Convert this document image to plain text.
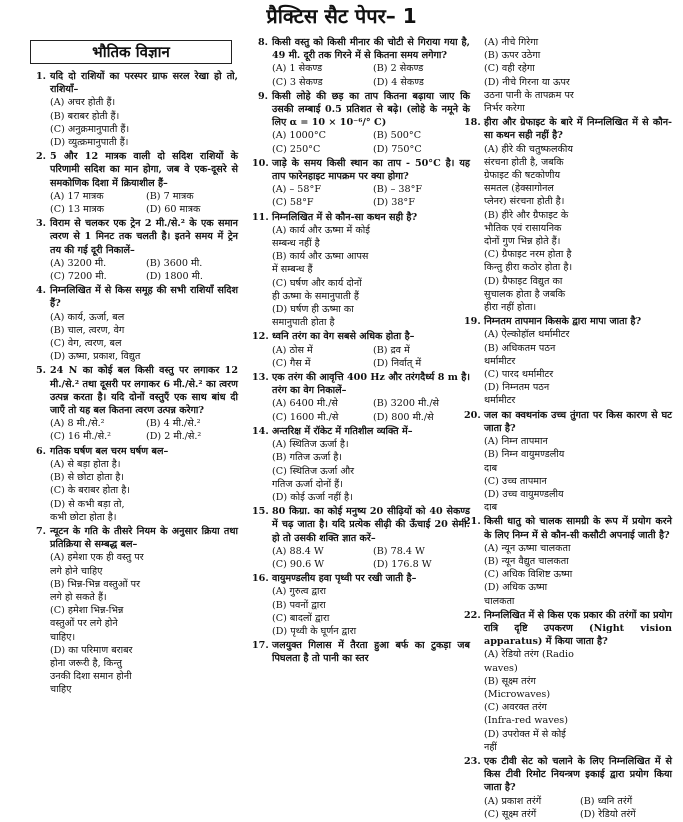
प्रैक्टिस सैट पेपर– 1
भौतिक विज्ञान
1. यदि दो राशियों का परस्पर ग्राफ सरल रेखा हो तो, राशियाँ–
(A) अचर होती हैं।
(B) बराबर होती हैं।
(C) अनुक्रमानुपाती हैं।
(D) व्युत्क्रमानुपाती हैं।
2. 5 और 12 मात्रक वाली दो सदिश राशियों के परिणामी सदिश का मान होगा, जब वे एक-दूसरे से समकोणिक दिशा में क्रियाशील हैं–
(A) 17 मात्रक	(B) 7 मात्रक
(C) 13 मात्रक	(D) 60 मात्रक
3. विराम से चलकर एक ट्रेन 2 मी./से.² के एक समान त्वरण से 1 मिनट तक चलती है। इतने समय में ट्रेन तय की गई दूरी निकालें–
(A) 3200 मी.	(B) 3600 मी.
(C) 7200 मी.	(D) 1800 मी.
4. निम्नलिखित में से किस समूह की सभी राशियाँ सदिश हैं?
(A) कार्य, ऊर्जा, बल
(B) चाल, त्वरण, वेग
(C) वेग, त्वरण, बल
(D) ऊष्मा, प्रकाश, विद्युत
5. 24 N का कोई बल किसी वस्तु पर लगाकर 12 मी./से.² तथा दूसरी पर लगाकर 6 मी./से.² का त्वरण उत्पन्न करता है। यदि दोनों वस्तुएँ एक साथ बांध दी जाएँ तो यह बल कितना त्वरण उत्पन्न करेगा?
(A) 8 मी./से.²	(B) 4 मी./से.²
(C) 16 मी./से.²	(D) 2 मी./से.²
6. गतिक घर्षण बल चरम घर्षण बल–
(A) से बड़ा होता है।
(B) से छोटा होता है।
(C) के बराबर होता है।
(D) से कभी बड़ा तो, कभी छोटा होता है।
7. न्यूटन के गति के तीसरे नियम के अनुसार क्रिया तथा प्रतिक्रिया से सम्बद्ध बल–
(A) हमेशा एक ही वस्तु पर लगे होने चाहिए
(B) भिन्न-भिन्न वस्तुओं पर लगे हो सकते हैं।
(C) हमेशा भिन्न-भिन्न वस्तुओं पर लगे होने चाहिए।
(D) का परिमाण बराबर होना जरूरी है, किन्तु उनकी दिशा समान होनी चाहिए
8. किसी वस्तु को किसी मीनार की चोटी से गिराया गया है, 49 मी. दूरी तक गिरने में से कितना समय लगेगा?
(A) 1 सेकण्ड	(B) 2 सेकण्ड
(C) 3 सेकण्ड	(D) 4 सेकण्ड
9. किसी लोहे की छड़ का ताप कितना बढ़ाया जाए कि उसकी लम्बाई 0.5 प्रतिशत से बढ़े। (लोहे के नमूने के लिए α = 10 × 10⁻⁶/° C)
(A) 1000°C	(B) 500°C
(C) 250°C	(D) 750°C
10. जाड़े के समय किसी स्थान का ताप - 50°C है। यह ताप फारेनहाइट मापक्रम पर क्या होगा?
(A) – 58°F	(B) – 38°F
(C) 58°F	(D) 38°F
11. निम्नलिखित में से कौन-सा कथन सही है?
(A) कार्य और ऊष्मा में कोई सम्बन्ध नहीं है
(B) कार्य और ऊष्मा आपस में सम्बन्ध हैं
(C) घर्षण और कार्य दोनों ही ऊष्मा के समानुपाती हैं
(D) घर्षण ही ऊष्मा का समानुपाती होता है
12. ध्वनि तरंग का वेग सबसे अधिक होता है–
(A) ठोस में	(B) द्रव में
(C) गैस में	(D) निर्वात् में
13. एक तरंग की आवृत्ति 400 Hz और तरंगदैर्ध्य 8 m है। तरंग का वेग निकालें–
(A) 6400 मी./से	(B) 3200 मी./से
(C) 1600 मी./से	(D) 800 मी./से
14. अन्तरिक्ष में रॉकेट में गतिशील व्यक्ति में–
(A) स्थितिज ऊर्जा है।
(B) गतिज ऊर्जा है।
(C) स्थितिज ऊर्जा और गतिज ऊर्जा दोनों हैं।
(D) कोई ऊर्जा नहीं है।
15. 80 किग्रा. का कोई मनुष्य 20 सीढ़ियों को 40 सेकण्ड में चढ़ जाता है। यदि प्रत्येक सीढ़ी की ऊँचाई 20 सेमी. हो तो उसकी शक्ति ज्ञात करें–
(A) 88.4 W	(B) 78.4 W
(C) 90.6 W	(D) 176.8 W
16. वायुमण्डलीय हवा पृथ्वी पर रखी जाती है–
(A) गुरुत्व द्वारा
(B) पवनों द्वारा
(C) बादलों द्वारा
(D) पृथ्वी के घूर्णन द्वारा
17. जलयुक्त गिलास में तैरता हुआ बर्फ का टुकड़ा जब पिघलता है तो पानी का स्तर
(A) नीचे गिरेगा
(B) ऊपर उठेगा
(C) वही रहेगा
(D) नीचे गिरना या ऊपर उठना पानी के तापक्रम पर निर्भर करेगा
18. हीरा और ग्रेफाइट के बारे में निम्नलिखित में से कौन-सा कथन सही नहीं है?
(A) हीरे की चतुष्फलकीय संरचना होती है, जबकि ग्रेफाइट की षटकोणीय समतल (हेक्सागोनल प्लेनर) संरचना होती है।
(B) हीरे और ग्रैफाइट के भौतिक एवं रासायनिक दोनों गुण भिन्न होते हैं।
(C) ग्रैफाइट नरम होता है किन्तु हीरा कठोर होता है।
(D) ग्रैफाइट विद्युत का सुचालक होता है जबकि हीरा नहीं होता।
19. निम्नतम तापमान किसके द्वारा मापा जाता है?
(A) ऐल्कोहॉल थर्मामीटर
(B) अधिकतम पठन थर्मामीटर
(C) पारद थर्मामीटर
(D) निम्नतम पठन थर्मामीटर
20. जल का क्वथनांक उच्च तुंगता पर किस कारण से घट जाता है?
(A) निम्न तापमान
(B) निम्न वायुमण्डलीय दाब
(C) उच्च तापमान
(D) उच्च वायुमण्डलीय दाब
21. किसी धातु को चालक सामग्री के रूप में प्रयोग करने के लिए निम्न में से कौन-सी कसौटी अपनाई जाती है?
(A) न्यून ऊष्मा चालकता
(B) न्यून वैद्युत चालकता
(C) अधिक विशिष्ट ऊष्मा
(D) अधिक ऊष्मा चालकता
22. निम्नलिखित में से किस एक प्रकार की तरंगों का प्रयोग रात्रि दृष्टि उपकरण (Night vision apparatus) में किया जाता है?
(A) रेडियो तरंग (Radio waves)
(B) सूक्ष्म तरंग (Microwaves)
(C) अवरक्त तरंग (Infra-red waves)
(D) उपरोक्त में से कोई नहीं
23. एक टीवी सेट को चलाने के लिए निम्नलिखित में से किस टीवी रिमोट नियन्त्रण इकाई द्वारा प्रयोग किया जाता है?
(A) प्रकाश तरंगें	(B) ध्वनि तरंगें
(C) सूक्ष्म तरंगें	(D) रेडियो तरंगें
